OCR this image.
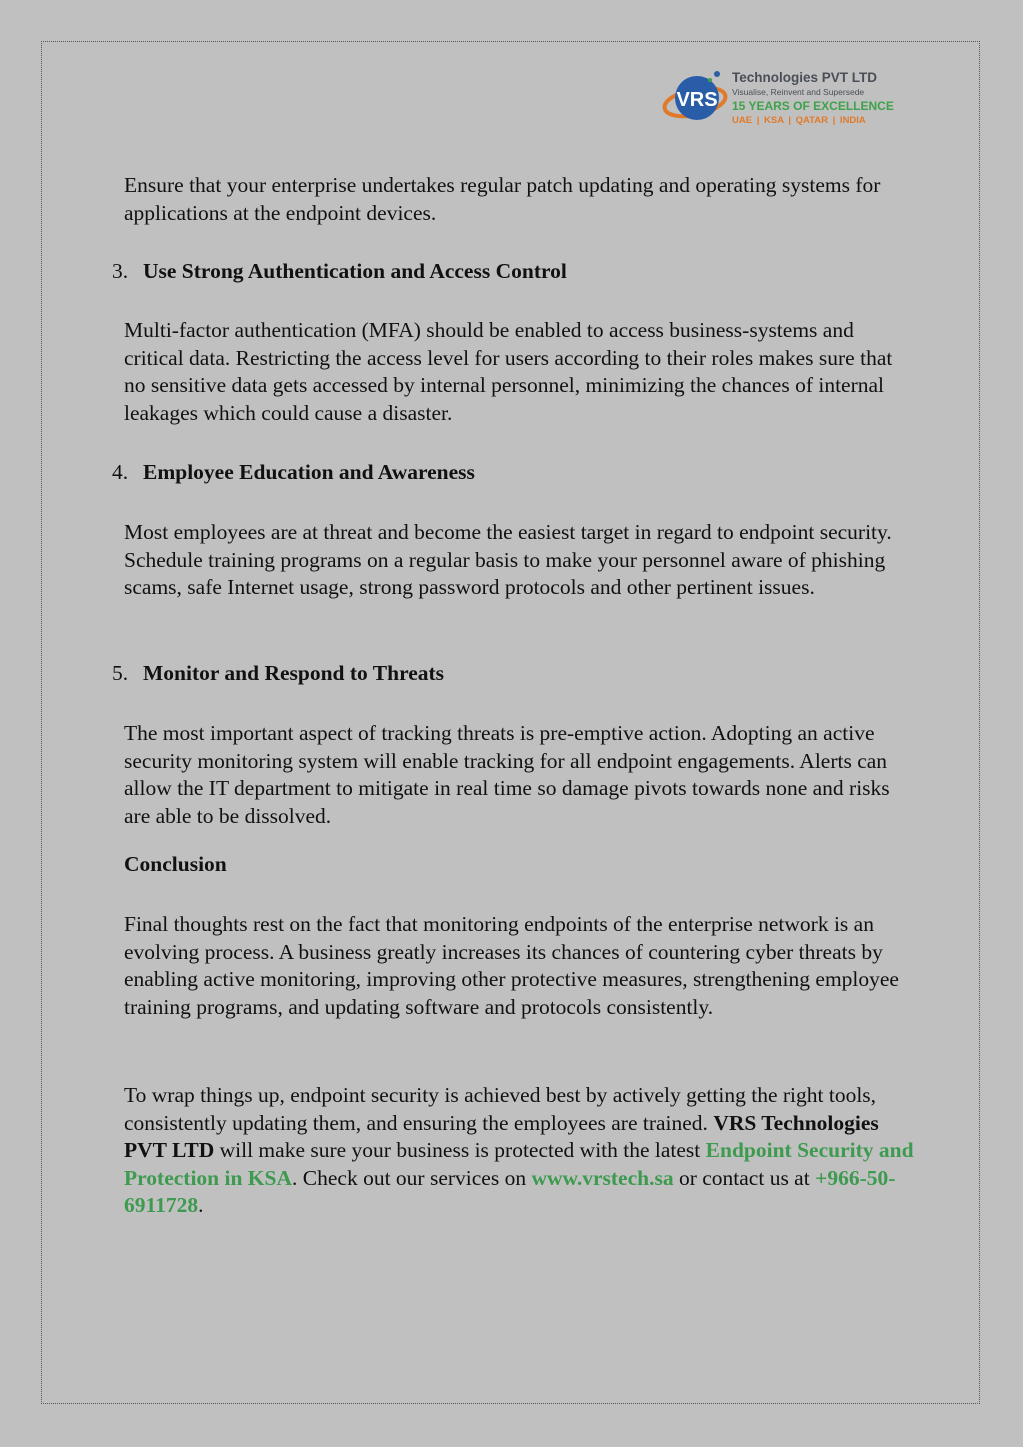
VRS
Technologies PVT LTD
Visualise, Reinvent and Supersede
15 YEARS OF EXCELLENCE
UAE | KSA | QATAR | INDIA

Ensure that your enterprise undertakes regular patch updating and operating systems for applications at the endpoint devices.

3. Use Strong Authentication and Access Control

Multi-factor authentication (MFA) should be enabled to access business-systems and critical data. Restricting the access level for users according to their roles makes sure that no sensitive data gets accessed by internal personnel, minimizing the chances of internal leakages which could cause a disaster.

4. Employee Education and Awareness

Most employees are at threat and become the easiest target in regard to endpoint security. Schedule training programs on a regular basis to make your personnel aware of phishing scams, safe Internet usage, strong password protocols and other pertinent issues.

5. Monitor and Respond to Threats

The most important aspect of tracking threats is pre-emptive action. Adopting an active security monitoring system will enable tracking for all endpoint engagements. Alerts can allow the IT department to mitigate in real time so damage pivots towards none and risks are able to be dissolved.

Conclusion

Final thoughts rest on the fact that monitoring endpoints of the enterprise network is an evolving process. A business greatly increases its chances of countering cyber threats by enabling active monitoring, improving other protective measures, strengthening employee training programs, and updating software and protocols consistently.

To wrap things up, endpoint security is achieved best by actively getting the right tools, consistently updating them, and ensuring the employees are trained. VRS Technologies PVT LTD will make sure your business is protected with the latest Endpoint Security and Protection in KSA. Check out our services on www.vrstech.sa or contact us at +966-50-6911728.
